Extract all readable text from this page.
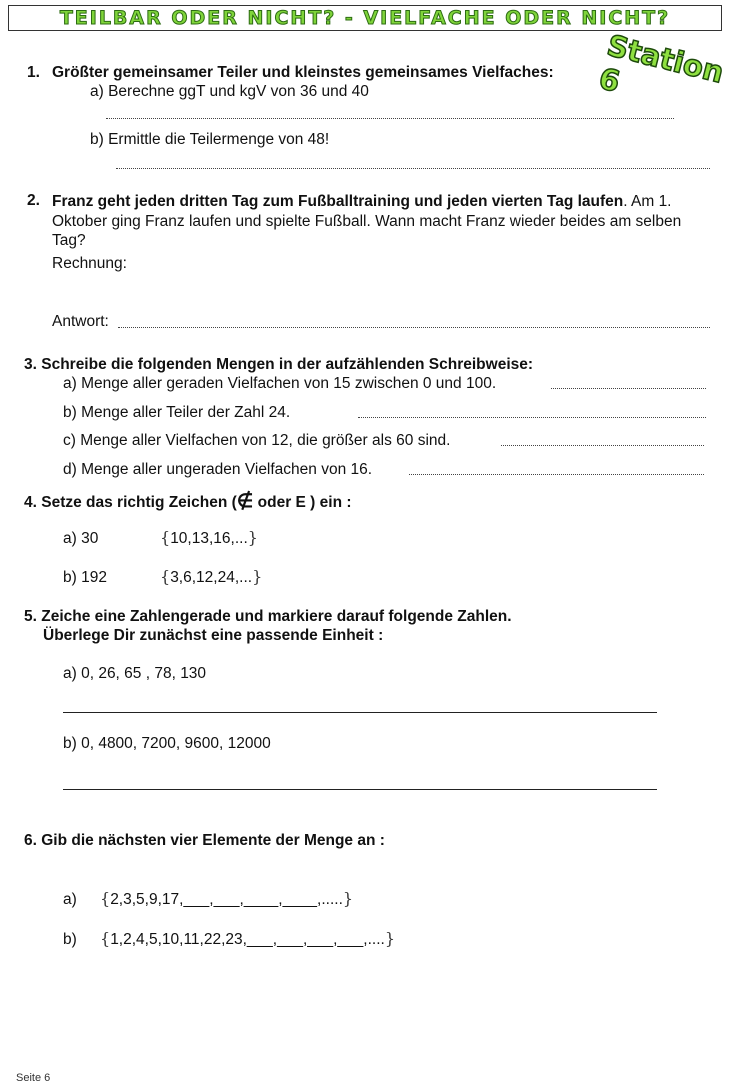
TEILBAR ODER NICHT? - VIELFACHE ODER NICHT?
Station 6
1. Größter gemeinsamer Teiler und kleinstes gemeinsames Vielfaches:
a) Berechne ggT und kgV von 36 und 40
b) Ermittle die Teilermenge von 48!
2. Franz geht jeden dritten Tag zum Fußballtraining und jeden vierten Tag laufen. Am 1. Oktober ging Franz laufen und spielte Fußball. Wann macht Franz wieder beides am selben Tag?
Rechnung:
Antwort:
3. Schreibe die folgenden Mengen in der aufzählenden Schreibweise:
a) Menge aller geraden Vielfachen von 15 zwischen 0 und 100.
b) Menge aller Teiler der Zahl 24.
c) Menge aller Vielfachen von 12, die größer als 60 sind.
d) Menge aller ungeraden Vielfachen von 16.
4. Setze das richtig Zeichen (∉ oder E ) ein :
a) 30	{10,13,16,...}
b) 192	{3,6,12,24,...}
5. Zeiche eine Zahlengerade und markiere darauf folgende Zahlen.
Überlege Dir zunächst eine passende Einheit :
a) 0, 26, 65 , 78, 130
b) 0, 4800, 7200, 9600, 12000
6. Gib die nächsten vier Elemente der Menge an :
a) {2,3,5,9,17,___,___,____,____,.....}
b) {1,2,4,5,10,11,22,23,___,___,___,___,....}
Seite 6
